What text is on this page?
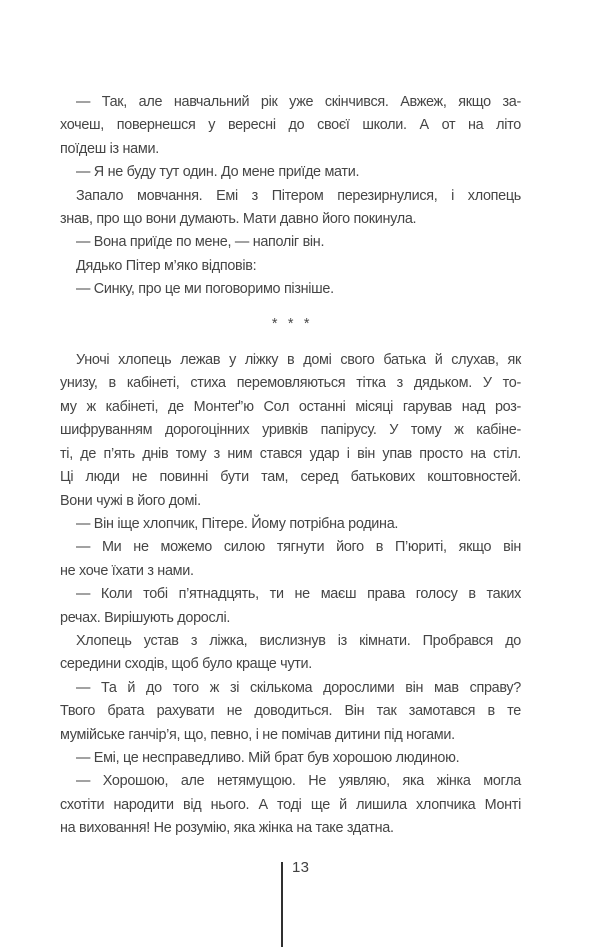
— Так, але навчальний рік уже скінчився. Авжеж, якщо за-
хочеш, повернешся у вересні до своєї школи. А от на літо
поїдеш із нами.
— Я не буду тут один. До мене приїде мати.
Запало мовчання. Емі з Пітером перезирнулися, і хлопець
знав, про що вони думають. Мати давно його покинула.
— Вона приїде по мене, — наполіг він.
Дядько Пітер м’яко відповів:
— Синку, про це ми поговоримо пізніше.
* * *
Уночі хлопець лежав у ліжку в домі свого батька й слухав, як
унизу, в кабінеті, стиха перемовляються тітка з дядьком. У то-
му ж кабінеті, де Монтеґ’ю Сол останні місяці гарував над роз-
шифруванням дорогоцінних уривків папірусу. У тому ж кабіне-
ті, де п’ять днів тому з ним стався удар і він упав просто на стіл.
Ці люди не повинні бути там, серед батькових коштовностей.
Вони чужі в його домі.
— Він іще хлопчик, Пітере. Йому потрібна родина.
— Ми не можемо силою тягнути його в П’юриті, якщо він
не хоче їхати з нами.
— Коли тобі п’ятнадцять, ти не маєш права голосу в таких
речах. Вирішують дорослі.
Хлопець устав з ліжка, вислизнув із кімнати. Пробрався до
середини сходів, щоб було краще чути.
— Та й до того ж зі скількома дорослими він мав справу?
Твого брата рахувати не доводиться. Він так замотався в те
мумійське ганчір’я, що, певно, і не помічав дитини під ногами.
— Емі, це несправедливо. Мій брат був хорошою людиною.
— Хорошою, але нетямущою. Не уявляю, яка жінка могла
схотіти народити від нього. А тоді ще й лишила хлопчика Монті
на виховання! Не розумію, яка жінка на таке здатна.
13
